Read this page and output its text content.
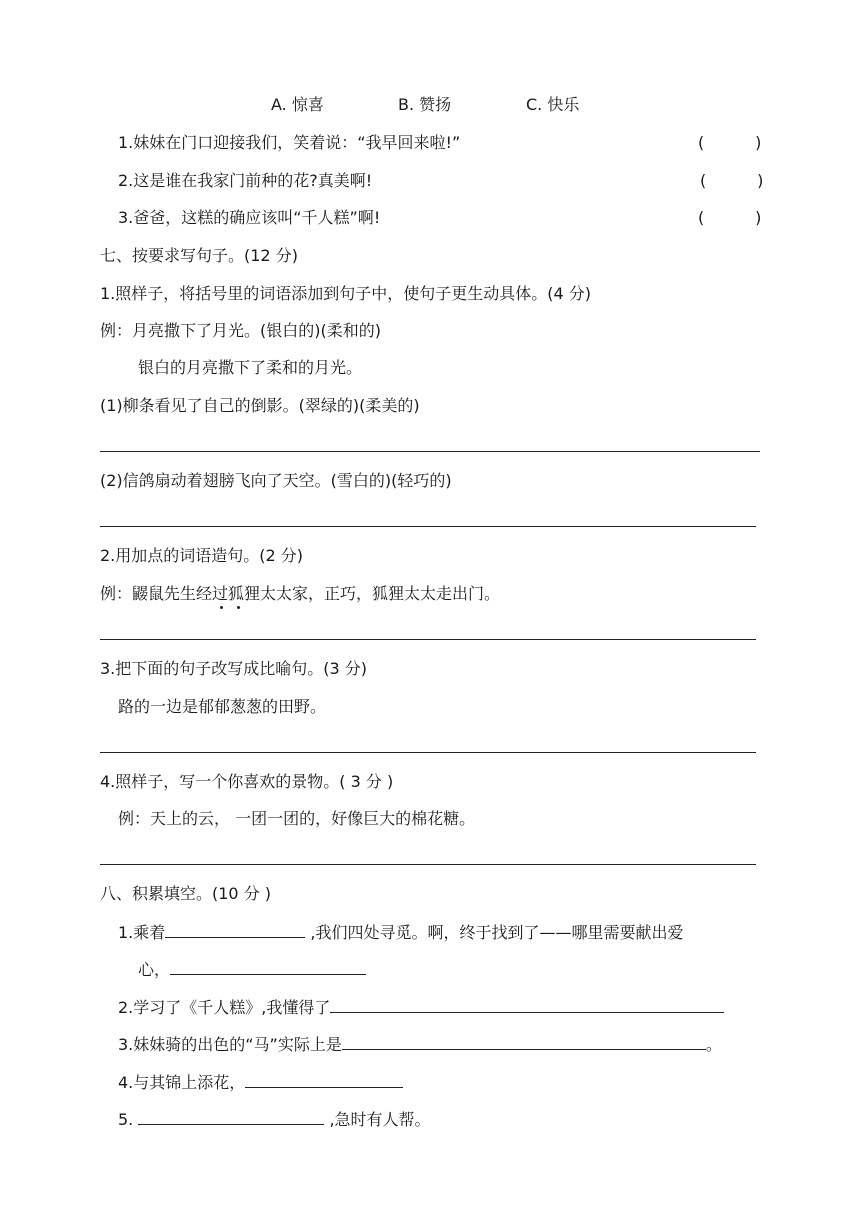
A. 惊喜	B. 赞扬	C. 快乐
1.妹妹在门口迎接我们，笑着说：“我早回来啦!”	(          )
2.这是谁在我家门前种的花?真美啊!	(          )
3.爸爸，这糕的确应该叫“千人糕”啊!	(          )
七、按要求写句子。(12 分)
1.照样子，将括号里的词语添加到句子中，使句子更生动具体。(4 分)
例：月亮撒下了月光。(银白的)(柔和的)
银白的月亮撒下了柔和的月光。
(1)柳条看见了自己的倒影。(翠绿的)(柔美的)
(2)信鸽扇动着翅膀飞向了天空。(雪白的)(轻巧的)
2.用加点的词语造句。(2 分)
例：鼹鼠先生经过狐狸太太家，正巧，狐狸太太走出门。
3.把下面的句子改写成比喻句。(3 分)
路的一边是郁郁葱葱的田野。
4.照样子，写一个你喜欢的景物。( 3 分 )
例：天上的云， 一团一团的，好像巨大的棉花糖。
八、积累填空。(10 分 )
1.乘着	,我们四处寻觅。啊，终于找到了——哪里需要献出爱
心，
2.学习了《千人糕》,我懂得了
3.妹妹骑的出色的“马”实际上是	。
4.与其锦上添花，
5.	,急时有人帮。
